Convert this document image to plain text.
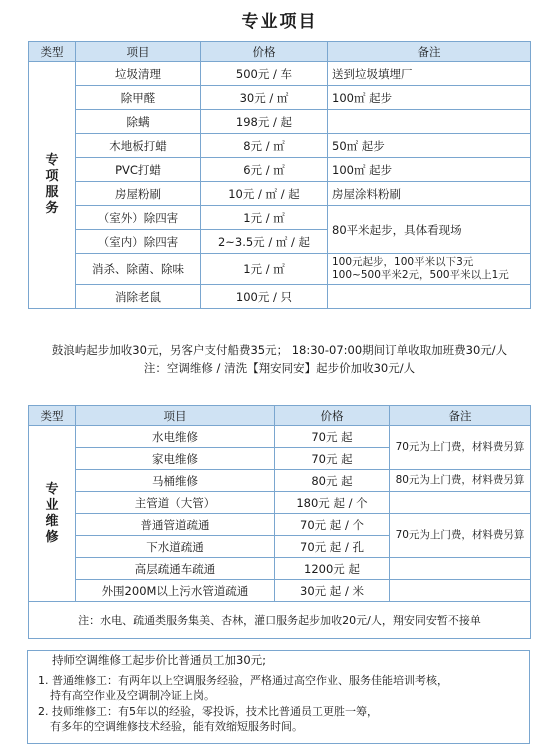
专业项目
类型	项目	价格	备注
专项服务	垃圾清理	500元 / 车	送到垃圾填埋厂
	除甲醛	30元 / ㎡	100㎡ 起步
	除螨	198元 / 起	
	木地板打蜡	8元 / ㎡	50㎡ 起步
	PVC打蜡	6元 / ㎡	100㎡ 起步
	房屋粉刷	10元 / ㎡ / 起	房屋涂料粉刷
	（室外）除四害	1元 / ㎡	80平米起步，具体看现场
	（室内）除四害	2~3.5元 / ㎡ / 起	
	消杀、除菌、除味	1元 / ㎡	100元起步，100平米以下3元
100~500平米2元，500平米以上1元

	消除老鼠	100元 / 只	
鼓浪屿起步加收30元，另客户支付船费35元； 18:30-07:00期间订单收取加班费30元/人
注：空调维修 / 清洗【翔安同安】起步价加收30元/人
类型	项目	价格	备注
专业维修	水电维修	70元 起	70元为上门费，材料费另算
	家电维修	70元 起	
	马桶维修	80元 起	80元为上门费，材料费另算
	主管道（大管）	180元 起 / 个	
	普通管道疏通	70元 起 / 个	70元为上门费，材料费另算
	下水道疏通	70元 起 / 孔	
	高层疏通车疏通	1200元 起	
	外围200M以上污水管道疏通	30元 起 / 米	
注：水电、疏通类服务集美、杏林，灌口服务起步加收20元/人，翔安同安暂不接单			

持师空调维修工起步价比普通员工加30元;

1. 普通维修工：有两年以上空调服务经验，严格通过高空作业、服务佳能培训考核，

持有高空作业及空调制冷证上岗。

2. 技师维修工：有5年以的经验，零投诉，技术比普通员工更胜一筹，

有多年的空调维修技术经验，能有效缩短服务时间。
